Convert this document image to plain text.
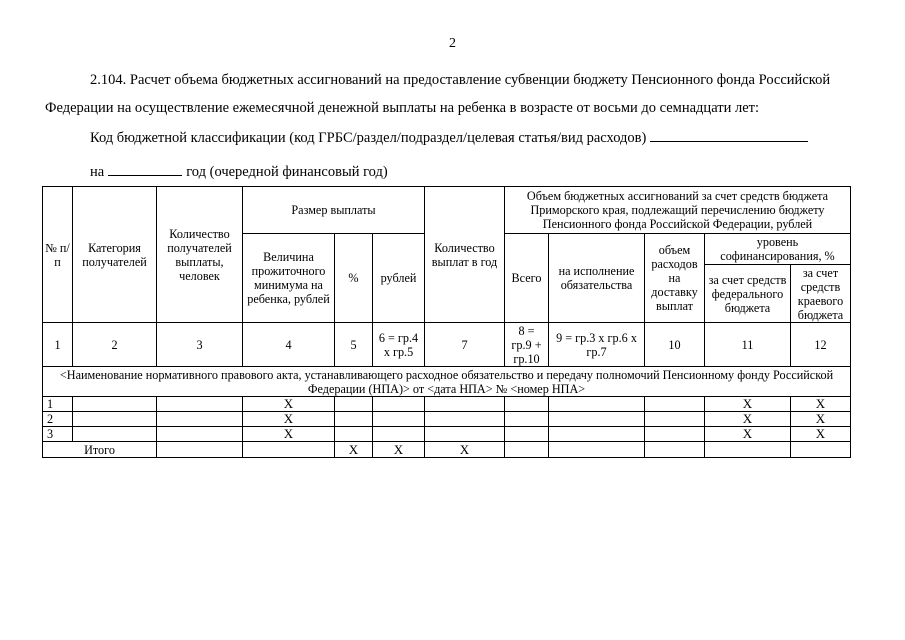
2
2.104. Расчет объема бюджетных ассигнований на предоставление субвенции бюджету Пенсионного фонда Российской
Федерации на осуществление ежемесячной денежной выплаты на ребенка в возрасте от восьми до семнадцати лет:
Код бюджетной классификации (код ГРБС/раздел/подраздел/целевая статья/вид расходов)
на	год (очередной финансовый год)
№ п/п	Категория получателей	Количество получателей выплаты, человек	Размер выплаты			Количество выплат в год	Объем бюджетных ассигнований за счет средств бюджета Приморского края, подлежащий перечислению бюджету Пенсионного фонда Российской Федерации, рублей				
			Величина прожиточного минимума на ребенка, рублей	%	рублей		Всего	на исполнение обязательства	объем расходов на доставку выплат	уровень софинансирования, %	
										за счет средств федерального бюджета	за счет средств краевого бюджета
1	2	3	4	5	6 = гр.4 х гр.5	7	8 = гр.9 + гр.10	9 = гр.3 х гр.6 х гр.7	10	11	12
<Наименование нормативного правового акта, устанавливающего расходное обязательство и передачу полномочий Пенсионному фонду Российской Федерации (НПА)> от <дата НПА> № <номер НПА>											
1			Х							Х	Х
2			Х							Х	Х
3			Х							Х	Х
Итого				Х	Х	Х					
